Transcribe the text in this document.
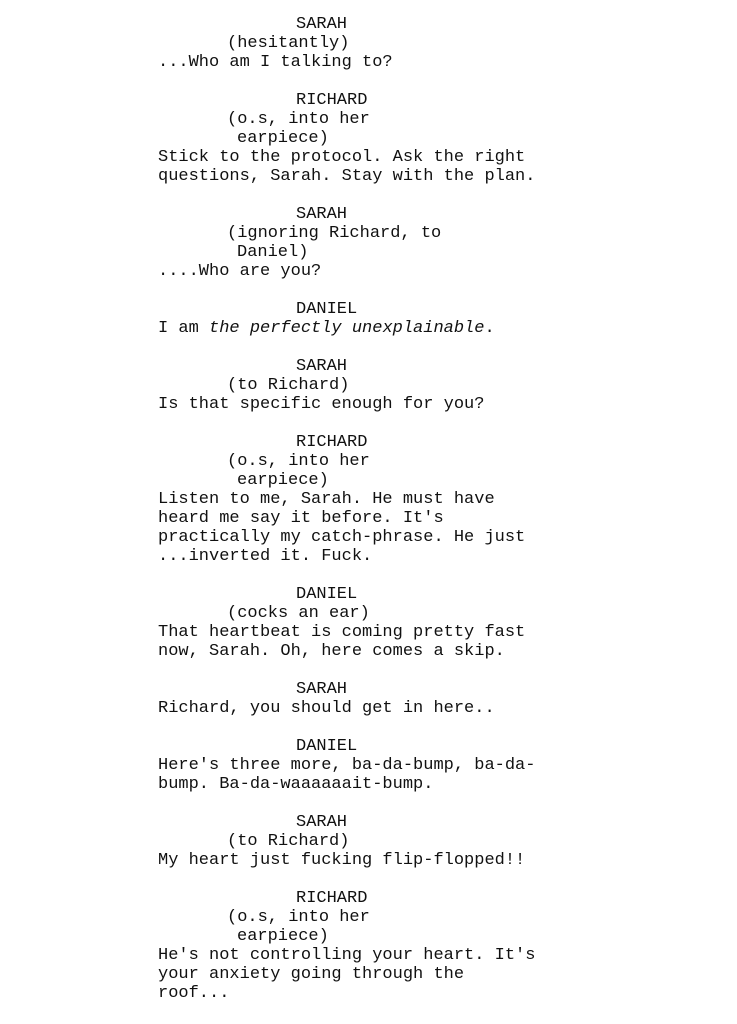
SARAH
(hesitantly)
...Who am I talking to?
RICHARD
(o.s, into her
earpiece)
Stick to the protocol. Ask the right
questions, Sarah. Stay with the plan.
SARAH
(ignoring Richard, to
Daniel)
....Who are you?
DANIEL
I am the perfectly unexplainable.
SARAH
(to Richard)
Is that specific enough for you?
RICHARD
(o.s, into her
earpiece)
Listen to me, Sarah. He must have
heard me say it before. It's
practically my catch-phrase. He just
...inverted it. Fuck.
DANIEL
(cocks an ear)
That heartbeat is coming pretty fast
now, Sarah. Oh, here comes a skip.
SARAH
Richard, you should get in here..
DANIEL
Here's three more, ba-da-bump, ba-da-
bump. Ba-da-waaaaaait-bump.
SARAH
(to Richard)
My heart just fucking flip-flopped!!
RICHARD
(o.s, into her
earpiece)
He's not controlling your heart. It's
your anxiety going through the
roof...
